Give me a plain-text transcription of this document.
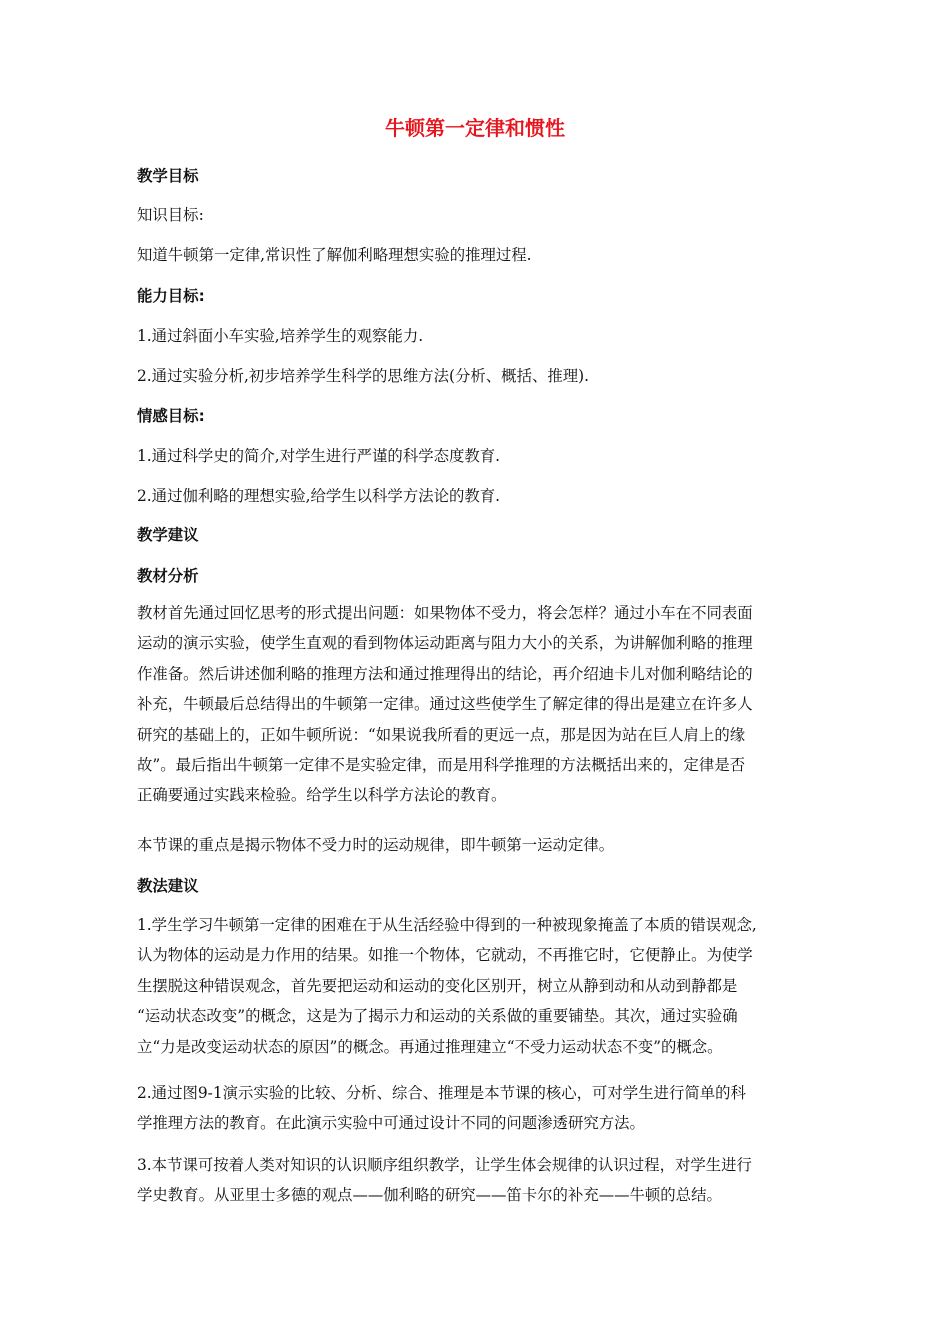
牛顿第一定律和惯性
教学目标
知识目标:
知道牛顿第一定律,常识性了解伽利略理想实验的推理过程.
能力目标:
1.通过斜面小车实验,培养学生的观察能力.
2.通过实验分析,初步培养学生科学的思维方法(分析、概括、推理).
情感目标:
1.通过科学史的简介,对学生进行严谨的科学态度教育.
2.通过伽利略的理想实验,给学生以科学方法论的教育.
教学建议
教材分析
教材首先通过回忆思考的形式提出问题：如果物体不受力，将会怎样？通过小车在不同表面
运动的演示实验，使学生直观的看到物体运动距离与阻力大小的关系，为讲解伽利略的推理
作准备。然后讲述伽利略的推理方法和通过推理得出的结论，再介绍迪卡儿对伽利略结论的
补充，牛顿最后总结得出的牛顿第一定律。通过这些使学生了解定律的得出是建立在许多人
研究的基础上的，正如牛顿所说：“如果说我所看的更远一点，那是因为站在巨人肩上的缘
故”。最后指出牛顿第一定律不是实验定律，而是用科学推理的方法概括出来的，定律是否
正确要通过实践来检验。给学生以科学方法论的教育。
本节课的重点是揭示物体不受力时的运动规律，即牛顿第一运动定律。
教法建议
1.学生学习牛顿第一定律的困难在于从生活经验中得到的一种被现象掩盖了本质的错误观念,
认为物体的运动是力作用的结果。如推一个物体，它就动，不再推它时，它便静止。为使学
生摆脱这种错误观念，首先要把运动和运动的变化区别开，树立从静到动和从动到静都是
“运动状态改变”的概念，这是为了揭示力和运动的关系做的重要铺垫。其次，通过实验确
立“力是改变运动状态的原因”的概念。再通过推理建立“不受力运动状态不变”的概念。
2.通过图9-1演示实验的比较、分析、综合、推理是本节课的核心，可对学生进行简单的科
学推理方法的教育。在此演示实验中可通过设计不同的问题渗透研究方法。
3.本节课可按着人类对知识的认识顺序组织教学，让学生体会规律的认识过程，对学生进行
学史教育。从亚里士多德的观点——伽利略的研究——笛卡尔的补充——牛顿的总结。
